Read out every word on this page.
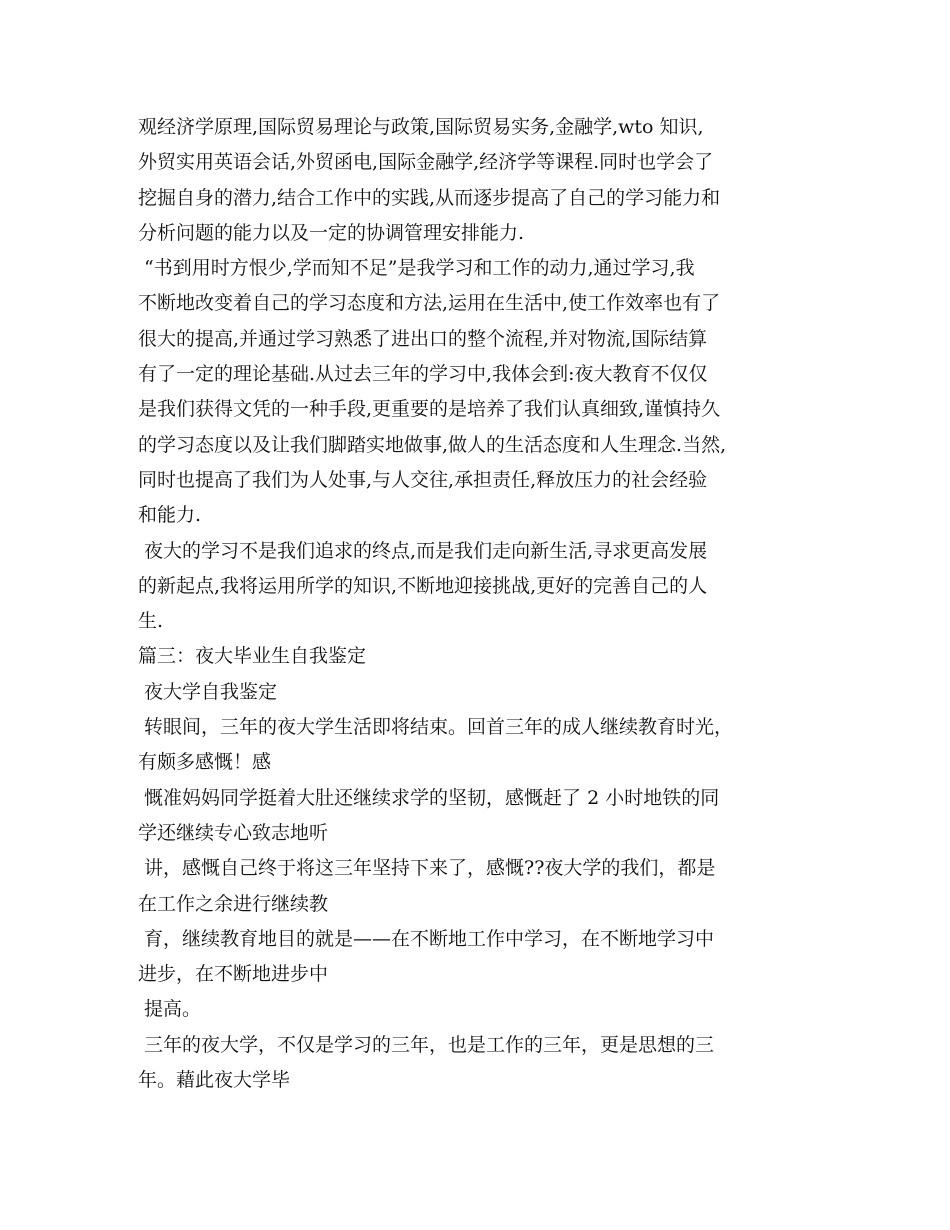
观经济学原理,国际贸易理论与政策,国际贸易实务,金融学,wto 知识,
外贸实用英语会话,外贸函电,国际金融学,经济学等课程.同时也学会了
挖掘自身的潜力,结合工作中的实践,从而逐步提高了自己的学习能力和
分析问题的能力以及一定的协调管理安排能力.
“书到用时方恨少,学而知不足”是我学习和工作的动力,通过学习,我
不断地改变着自己的学习态度和方法,运用在生活中,使工作效率也有了
很大的提高,并通过学习熟悉了进出口的整个流程,并对物流,国际结算
有了一定的理论基础.从过去三年的学习中,我体会到:夜大教育不仅仅
是我们获得文凭的一种手段,更重要的是培养了我们认真细致,谨慎持久
的学习态度以及让我们脚踏实地做事,做人的生活态度和人生理念.当然,
同时也提高了我们为人处事,与人交往,承担责任,释放压力的社会经验
和能力.
夜大的学习不是我们追求的终点,而是我们走向新生活,寻求更高发展
的新起点,我将运用所学的知识,不断地迎接挑战,更好的完善自己的人
生.
篇三：夜大毕业生自我鉴定
夜大学自我鉴定
转眼间，三年的夜大学生活即将结束。回首三年的成人继续教育时光，
有颇多感慨！感
慨准妈妈同学挺着大肚还继续求学的坚韧，感慨赶了 2 小时地铁的同
学还继续专心致志地听
讲，感慨自己终于将这三年坚持下来了，感慨??夜大学的我们，都是
在工作之余进行继续教
育，继续教育地目的就是——在不断地工作中学习，在不断地学习中
进步，在不断地进步中
提高。
三年的夜大学，不仅是学习的三年，也是工作的三年，更是思想的三
年。藉此夜大学毕
